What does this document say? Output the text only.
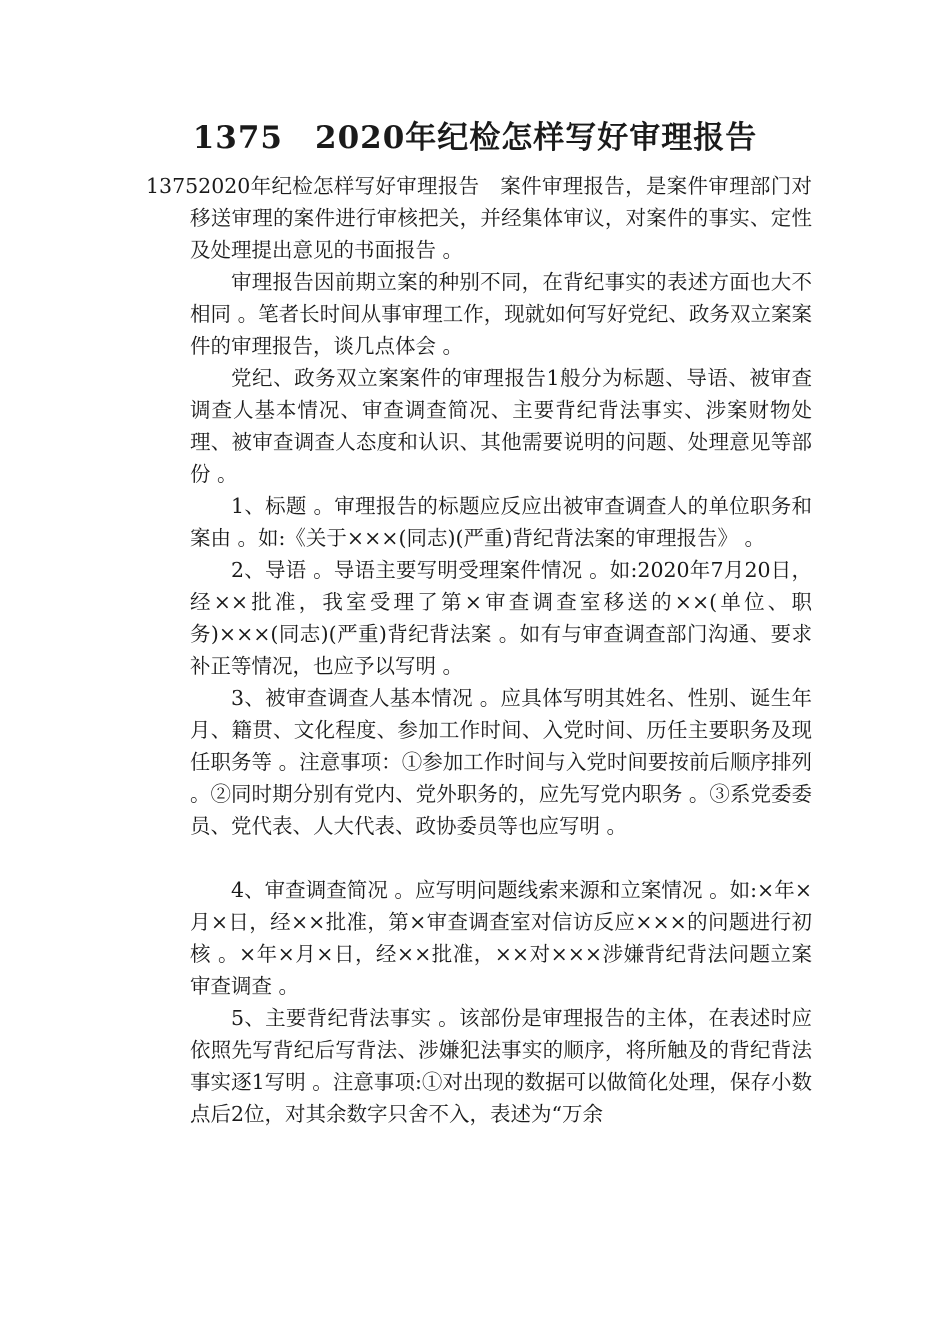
1375　2020年纪检怎样写好审理报告

13752020年纪检怎样写好审理报告　案件审理报告，是案件审理部门对移送审理的案件进行审核把关，并经集体审议，对案件的事实、定性及处理提出意见的书面报告 。

审理报告因前期立案的种别不同，在背纪事实的表述方面也大不相同 。笔者长时间从事审理工作，现就如何写好党纪、政务双立案案件的审理报告，谈几点体会 。

党纪、政务双立案案件的审理报告1般分为标题、导语、被审查调查人基本情况、审查调查简况、主要背纪背法事实、涉案财物处理、被审查调查人态度和认识、其他需要说明的问题、处理意见等部份 。

1、标题 。审理报告的标题应反应出被审查调查人的单位职务和案由 。如:《关于×××(同志)(严重)背纪背法案的审理报告》 。

2、导语 。导语主要写明受理案件情况 。如:2020年7月20日，经××批准，我室受理了第×审查调查室移送的××(单位、职务)×××(同志)(严重)背纪背法案 。如有与审查调查部门沟通、要求补正等情况，也应予以写明 。

3、被审查调查人基本情况 。应具体写明其姓名、性别、诞生年月、籍贯、文化程度、参加工作时间、入党时间、历任主要职务及现任职务等 。注意事项：①参加工作时间与入党时间要按前后顺序排列 。②同时期分别有党内、党外职务的，应先写党内职务 。③系党委委员、党代表、人大代表、政协委员等也应写明 。

4、审查调查简况 。应写明问题线索来源和立案情况 。如:×年×月×日，经××批准，第×审查调查室对信访反应×××的问题进行初核 。×年×月×日，经××批准，××对×××涉嫌背纪背法问题立案审查调查 。

5、主要背纪背法事实 。该部份是审理报告的主体，在表述时应依照先写背纪后写背法、涉嫌犯法事实的顺序，将所触及的背纪背法事实逐1写明 。注意事项:①对出现的数据可以做简化处理，保存小数点后2位，对其余数字只舍不入，表述为“万余
